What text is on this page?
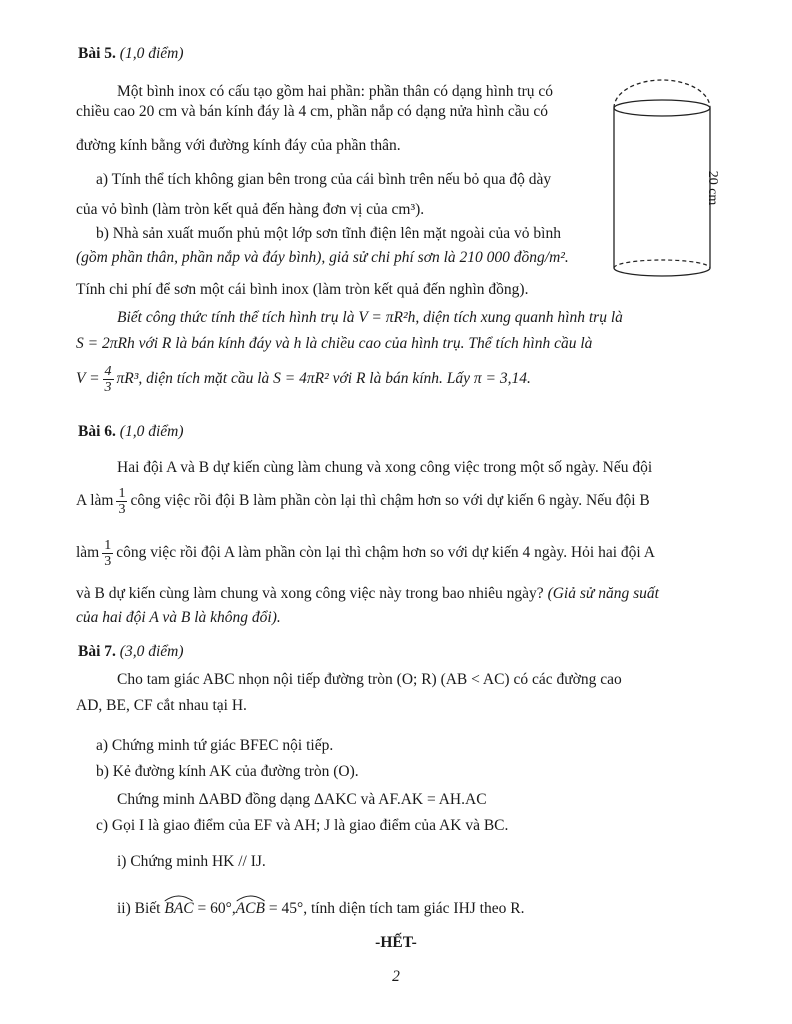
Bài 5. (1,0 điểm)
Một bình inox có cấu tạo gồm hai phần: phần thân có dạng hình trụ có
chiều cao 20 cm và bán kính đáy là 4 cm, phần nắp có dạng nửa hình cầu có
đường kính bằng với đường kính đáy của phần thân.
a) Tính thể tích không gian bên trong của cái bình trên nếu bỏ qua độ dày
của vỏ bình (làm tròn kết quả đến hàng đơn vị của cm³).
b) Nhà sản xuất muốn phủ một lớp sơn tĩnh điện lên mặt ngoài của vỏ bình
(gồm phần thân, phần nắp và đáy bình), giả sử chi phí sơn là 210 000 đồng/m².
Tính chi phí để sơn một cái bình inox (làm tròn kết quả đến nghìn đồng).
20 cm
Biết công thức tính thể tích hình trụ là V = πR²h, diện tích xung quanh hình trụ là
S = 2πRh với R là bán kính đáy và h là chiều cao của hình trụ. Thể tích hình cầu là
$V = \frac{4}{3} \pi R^3$, diện tích mặt cầu là S = 4πR² với R là bán kính. Lấy π = 3,14.
Bài 6. (1,0 điểm)
Hai đội A và B dự kiến cùng làm chung và xong công việc trong một số ngày. Nếu đội
A làm $\frac{1}{3}$ công việc rồi đội B làm phần còn lại thì chậm hơn so với dự kiến 6 ngày. Nếu đội B
làm $\frac{1}{3}$ công việc rồi đội A làm phần còn lại thì chậm hơn so với dự kiến 4 ngày. Hỏi hai đội A
và B dự kiến cùng làm chung và xong công việc này trong bao nhiêu ngày? (Giả sử năng suất
của hai đội A và B là không đổi).
Bài 7. (3,0 điểm)
Cho tam giác ABC nhọn nội tiếp đường tròn (O; R) (AB < AC) có các đường cao
AD, BE, CF cắt nhau tại H.
a) Chứng minh tứ giác BFEC nội tiếp.
b) Kẻ đường kính AK của đường tròn (O).
Chứng minh ΔABD đồng dạng ΔAKC và AF.AK = AH.AC
c) Gọi I là giao điểm của EF và AH; J là giao điểm của AK và BC.
i) Chứng minh HK // IJ.
ii) Biết BAC = 60°,
ACB = 45°, tính diện tích tam giác IHJ theo R.
-HẾT-
2
